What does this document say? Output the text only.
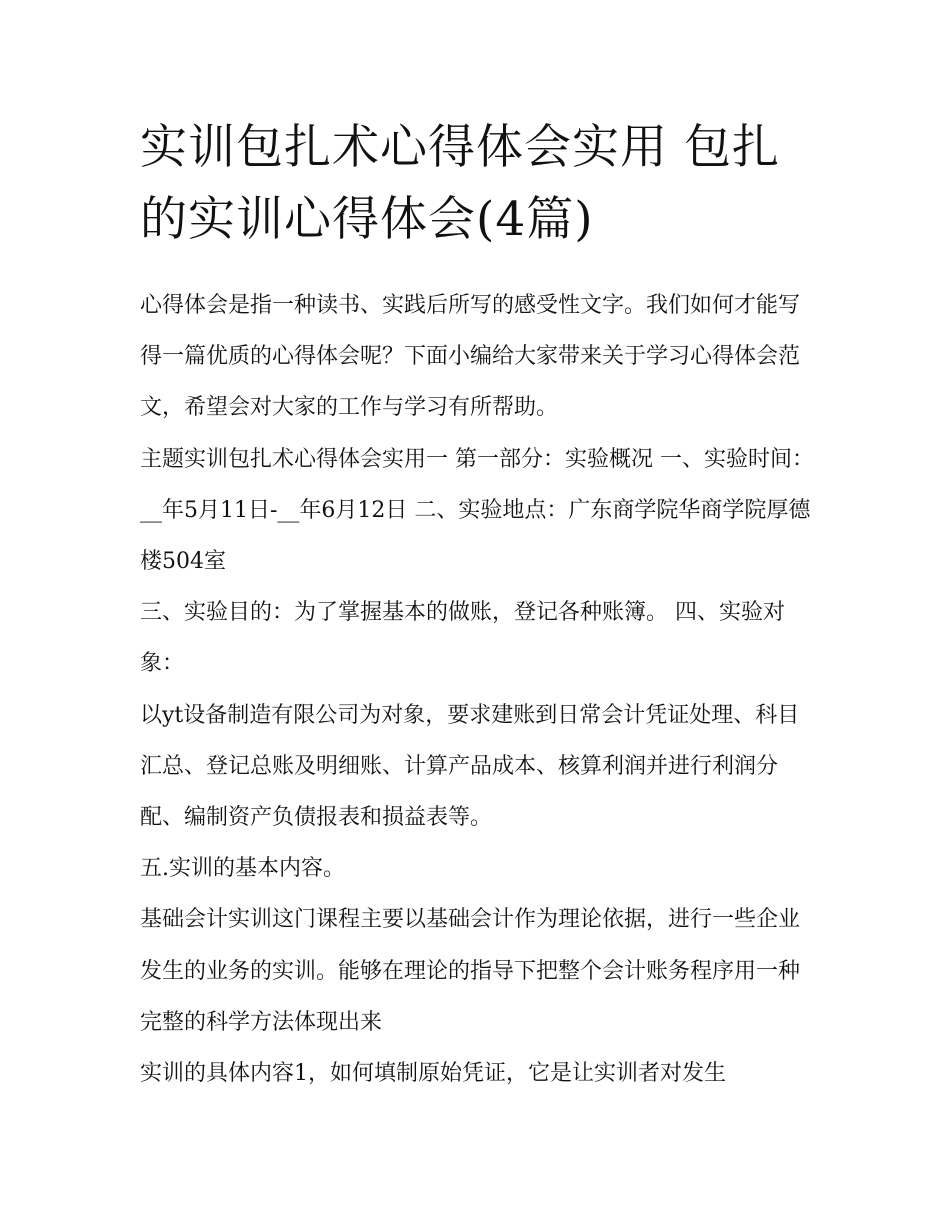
实训包扎术心得体会实用 包扎的实训心得体会(4篇)

心得体会是指一种读书、实践后所写的感受性文字。我们如何才能写得一篇优质的心得体会呢？下面小编给大家带来关于学习心得体会范文，希望会对大家的工作与学习有所帮助。

主题实训包扎术心得体会实用一 第一部分：实验概况 一、实验时间：__年5月11日-__年6月12日 二、实验地点：广东商学院华商学院厚德楼504室

三、实验目的：为了掌握基本的做账，登记各种账簿。 四、实验对象：

以yt设备制造有限公司为对象，要求建账到日常会计凭证处理、科目汇总、登记总账及明细账、计算产品成本、核算利润并进行利润分配、编制资产负债报表和损益表等。

五.实训的基本内容。

基础会计实训这门课程主要以基础会计作为理论依据，进行一些企业发生的业务的实训。能够在理论的指导下把整个会计账务程序用一种完整的科学方法体现出来

实训的具体内容1，如何填制原始凭证，它是让实训者对发生
